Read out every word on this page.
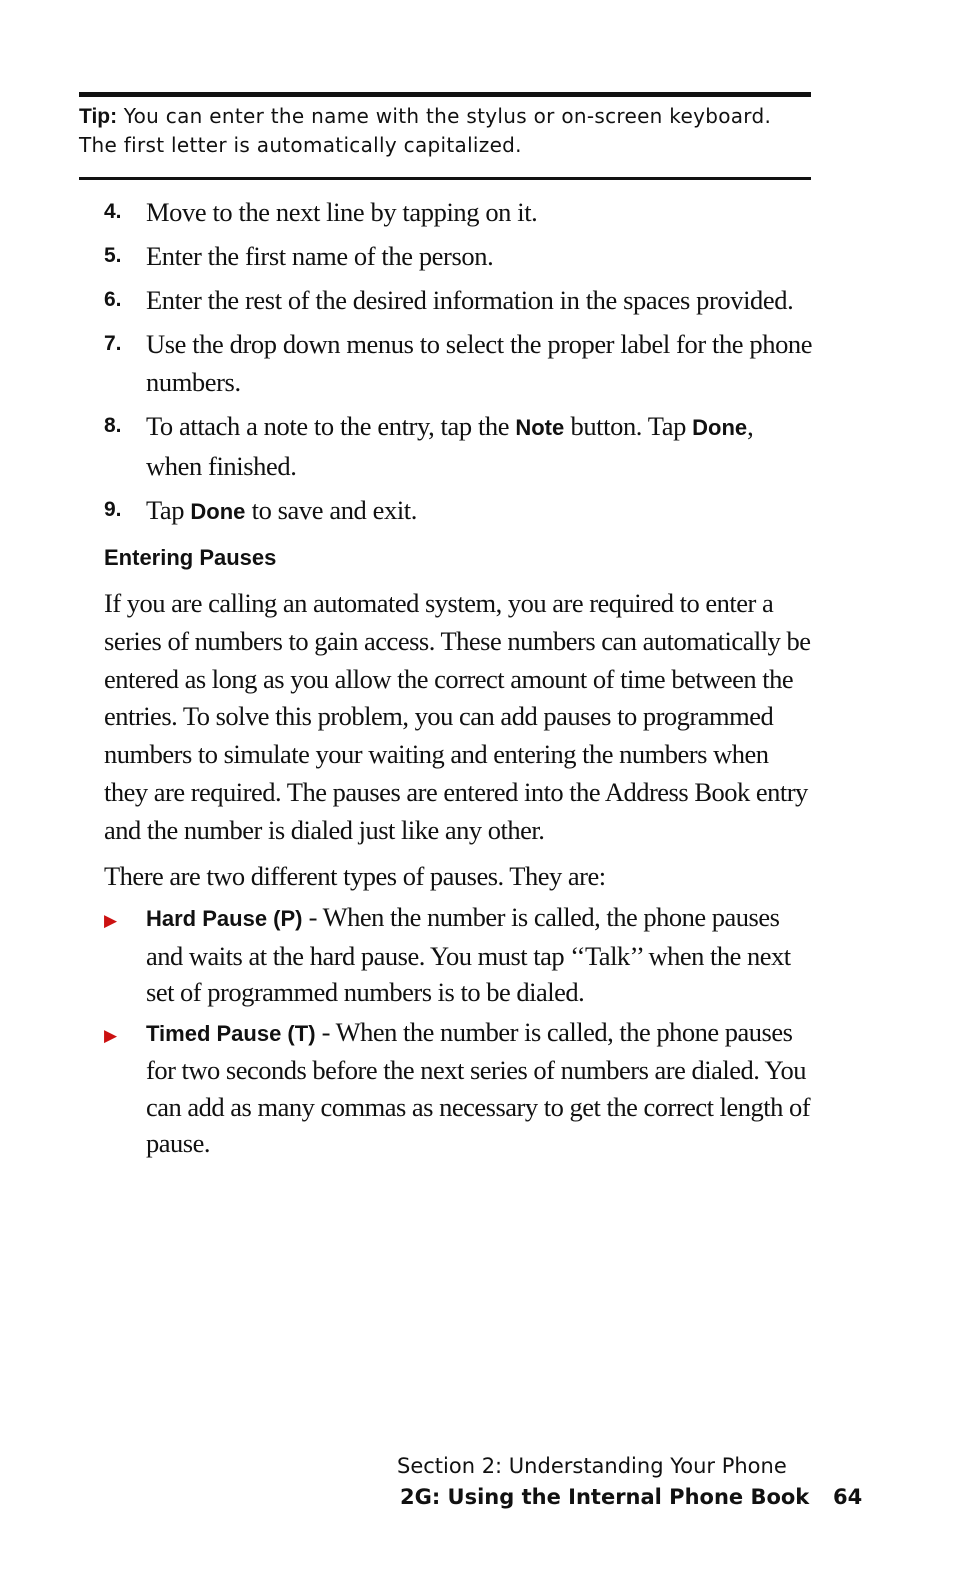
Tip: You can enter the name with the stylus or on-screen keyboard. The first letter is automatically capitalized.
4. Move to the next line by tapping on it.
5. Enter the first name of the person.
6. Enter the rest of the desired information in the spaces provided.
7. Use the drop down menus to select the proper label for the phone numbers.
8. To attach a note to the entry, tap the Note button. Tap Done, when finished.
9. Tap Done to save and exit.
Entering Pauses

If you are calling an automated system, you are required to enter a series of numbers to gain access. These numbers can automatically be entered as long as you allow the correct amount of time between the entries. To solve this problem, you can add pauses to programmed numbers to simulate your waiting and entering the numbers when they are required. The pauses are entered into the Address Book entry and the number is dialed just like any other.

There are two different types of pauses. They are:

▶	Hard Pause (P) - When the number is called, the phone pauses and waits at the hard pause. You must tap ‘‘Talk’’ when the next set of programmed numbers is to be dialed.
▶	Timed Pause (T) - When the number is called, the phone pauses for two seconds before the next series of numbers are dialed. You can add as many commas as necessary to get the correct length of pause.
Section 2: Understanding Your Phone
2G: Using the Internal Phone Book 64
